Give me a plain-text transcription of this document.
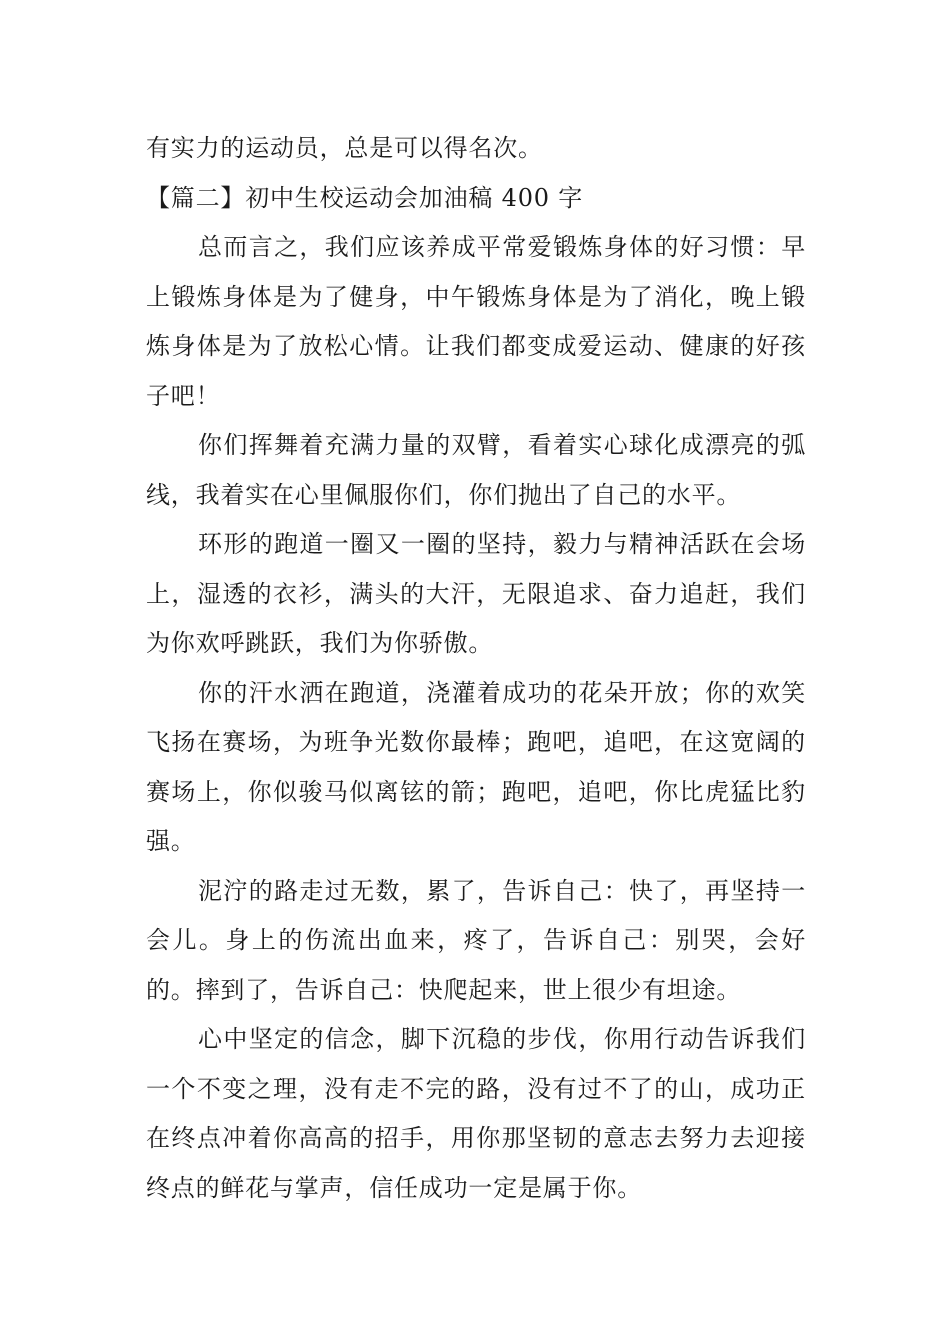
有实力的运动员，总是可以得名次。

【篇二】初中生校运动会加油稿 400 字

总而言之，我们应该养成平常爱锻炼身体的好习惯：早上锻炼身体是为了健身，中午锻炼身体是为了消化，晚上锻炼身体是为了放松心情。让我们都变成爱运动、健康的好孩子吧！

你们挥舞着充满力量的双臂，看着实心球化成漂亮的弧线，我着实在心里佩服你们，你们抛出了自己的水平。

环形的跑道一圈又一圈的坚持，毅力与精神活跃在会场上，湿透的衣衫，满头的大汗，无限追求、奋力追赶，我们为你欢呼跳跃，我们为你骄傲。

你的汗水洒在跑道，浇灌着成功的花朵开放；你的欢笑飞扬在赛场，为班争光数你最棒；跑吧，追吧，在这宽阔的赛场上，你似骏马似离铉的箭；跑吧，追吧，你比虎猛比豹强。

泥泞的路走过无数，累了，告诉自己：快了，再坚持一会儿。身上的伤流出血来，疼了，告诉自己：别哭，会好的。摔到了，告诉自己：快爬起来，世上很少有坦途。

心中坚定的信念，脚下沉稳的步伐，你用行动告诉我们一个不变之理，没有走不完的路，没有过不了的山，成功正在终点冲着你高高的招手，用你那坚韧的意志去努力去迎接终点的鲜花与掌声，信任成功一定是属于你。
